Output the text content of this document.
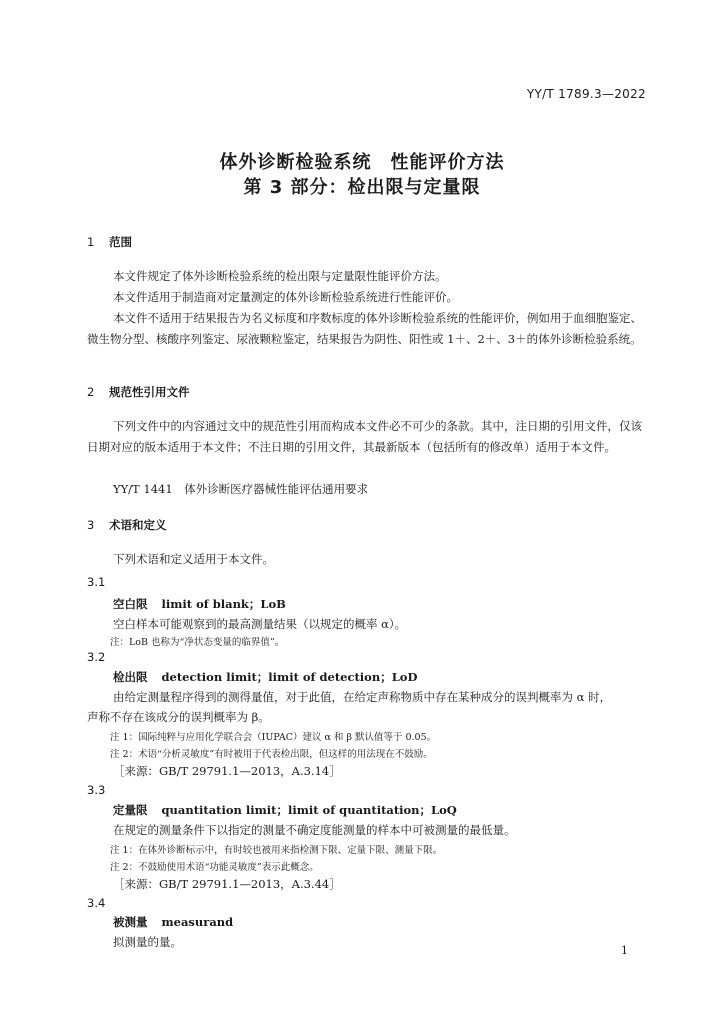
YY/T 1789.3—2022
体外诊断检验系统　性能评价方法
第 3 部分：检出限与定量限
1 范围
本文件规定了体外诊断检验系统的检出限与定量限性能评价方法。
本文件适用于制造商对定量测定的体外诊断检验系统进行性能评价。
本文件不适用于结果报告为名义标度和序数标度的体外诊断检验系统的性能评价，例如用于血细胞鉴定、微生物分型、核酸序列鉴定、尿液颗粒鉴定，结果报告为阴性、阳性或 1＋、2＋、3＋的体外诊断检验系统。
2 规范性引用文件
下列文件中的内容通过文中的规范性引用而构成本文件必不可少的条款。其中，注日期的引用文件，仅该日期对应的版本适用于本文件；不注日期的引用文件，其最新版本（包括所有的修改单）适用于本文件。
YY/T 1441　体外诊断医疗器械性能评估通用要求
3 术语和定义
下列术语和定义适用于本文件。
3.1
空白限 limit of blank；LoB
空白样本可能观察到的最高测量结果（以规定的概率 α）。
注：LoB 也称为“净状态变量的临界值”。
3.2
检出限 detection limit；limit of detection；LoD
由给定测量程序得到的测得量值，对于此值，在给定声称物质中存在某种成分的误判概率为 α 时，
声称不存在该成分的误判概率为 β。
注 1：国际纯粹与应用化学联合会（IUPAC）建议 α 和 β 默认值等于 0.05。
注 2：术语“分析灵敏度”有时被用于代表检出限，但这样的用法现在不鼓励。
［来源：GB/T 29791.1—2013，A.3.14］
3.3
定量限 quantitation limit；limit of quantitation；LoQ
在规定的测量条件下以指定的测量不确定度能测量的样本中可被测量的最低量。
注 1：在体外诊断标示中，有时较也被用来指检测下限、定量下限、测量下限。
注 2：不鼓励使用术语“功能灵敏度”表示此概念。
［来源：GB/T 29791.1—2013，A.3.44］
3.4
被测量 measurand
拟测量的量。
1
